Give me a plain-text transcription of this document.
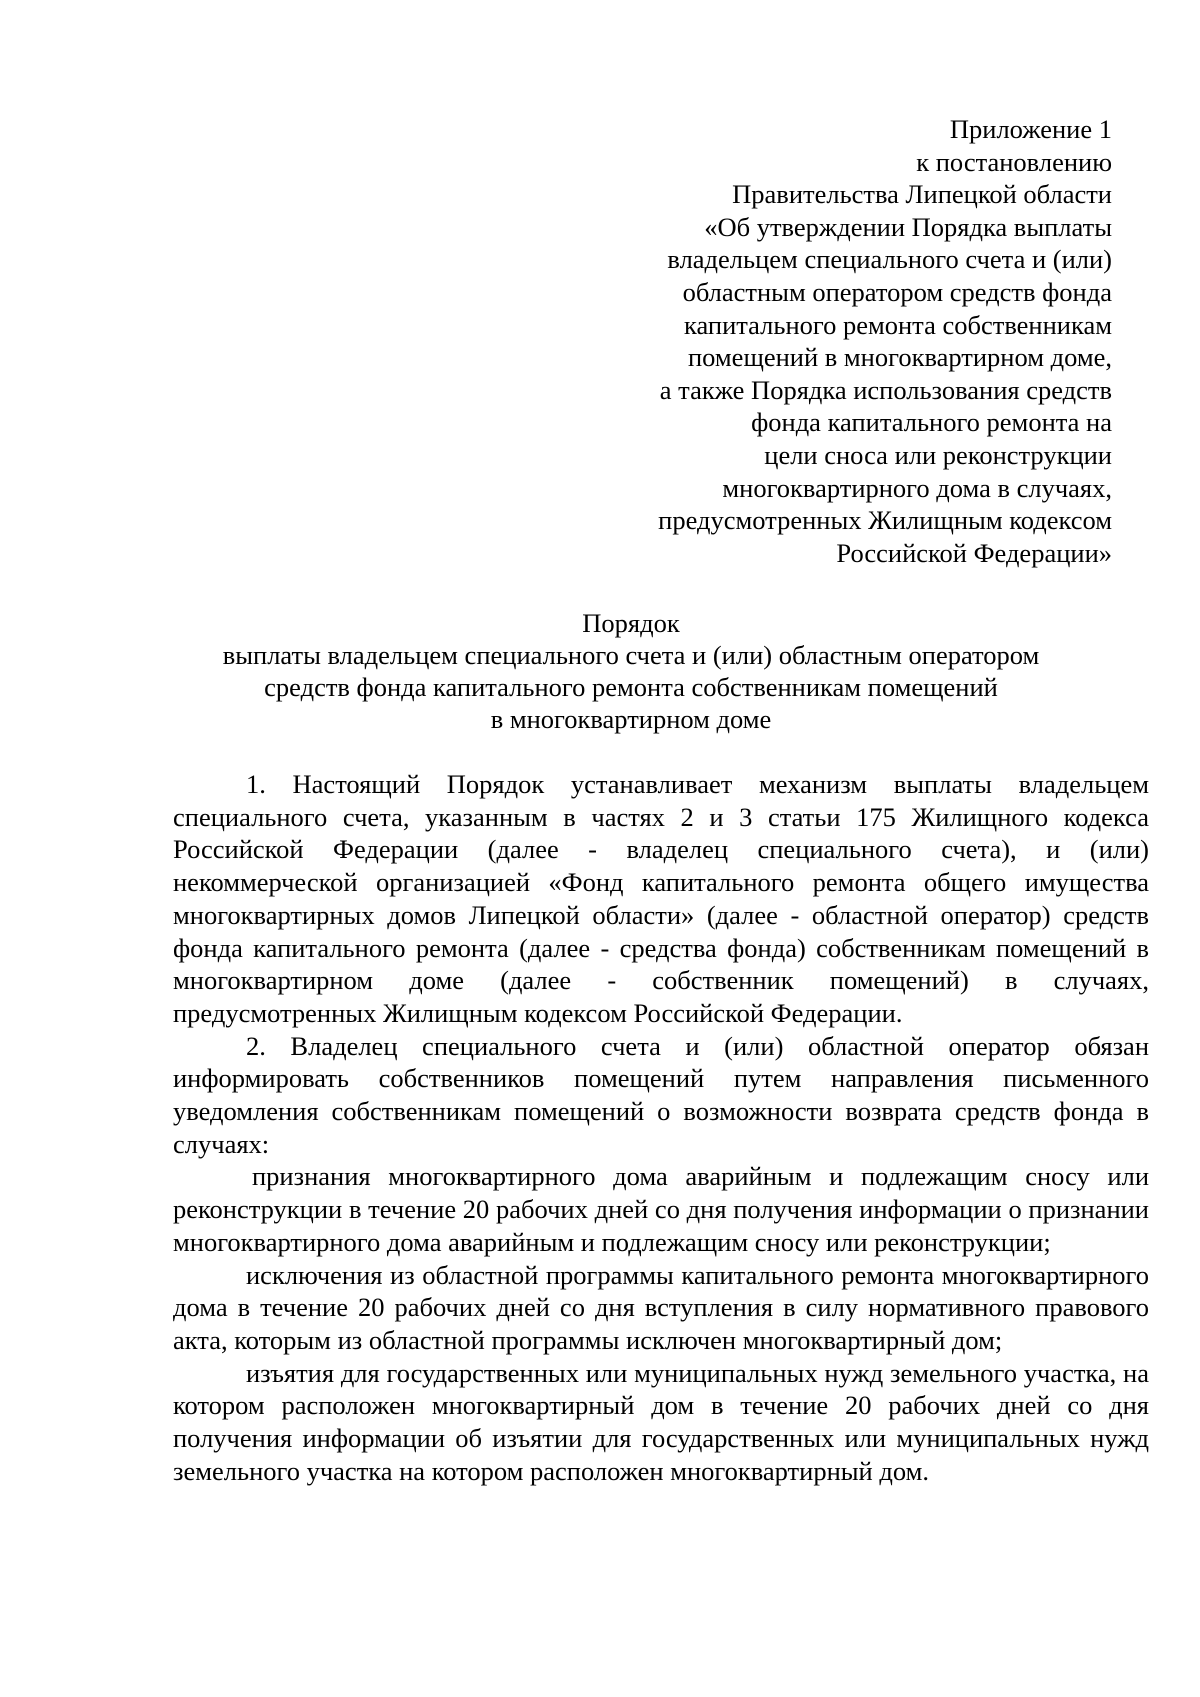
Приложение 1
к постановлению
Правительства Липецкой области
«Об утверждении Порядка выплаты
владельцем специального счета и (или)
областным оператором средств фонда
капитального ремонта собственникам
помещений в многоквартирном доме,
а также Порядка использования средств
фонда капитального ремонта на
цели сноса или реконструкции
многоквартирного дома в случаях,
предусмотренных Жилищным кодексом
Российской Федерации»
Порядок
выплаты владельцем специального счета и (или) областным оператором
средств фонда капитального ремонта собственникам помещений
в многоквартирном доме

1. Настоящий Порядок устанавливает механизм выплаты владельцем специального счета, указанным в частях 2 и 3 статьи 175 Жилищного кодекса Российской Федерации (далее - владелец специального счета), и (или) некоммерческой организацией «Фонд капитального ремонта общего имущества многоквартирных домов Липецкой области» (далее - областной оператор) средств фонда капитального ремонта (далее - средства фонда) собственникам помещений в многоквартирном доме (далее - собственник помещений) в случаях, предусмотренных Жилищным кодексом Российской Федерации.

2. Владелец специального счета и (или) областной оператор обязан информировать собственников помещений путем направления письменного уведомления собственникам помещений о возможности возврата средств фонда в случаях:

признания многоквартирного дома аварийным и подлежащим сносу или реконструкции в течение 20 рабочих дней со дня получения информации о признании многоквартирного дома аварийным и подлежащим сносу или реконструкции;

исключения из областной программы капитального ремонта многоквартирного дома в течение 20 рабочих дней со дня вступления в силу нормативного правового акта, которым из областной программы исключен многоквартирный дом;

изъятия для государственных или муниципальных нужд земельного участка, на котором расположен многоквартирный дом в течение 20 рабочих дней со дня получения информации об изъятии для государственных или муниципальных нужд земельного участка на котором расположен многоквартирный дом.
